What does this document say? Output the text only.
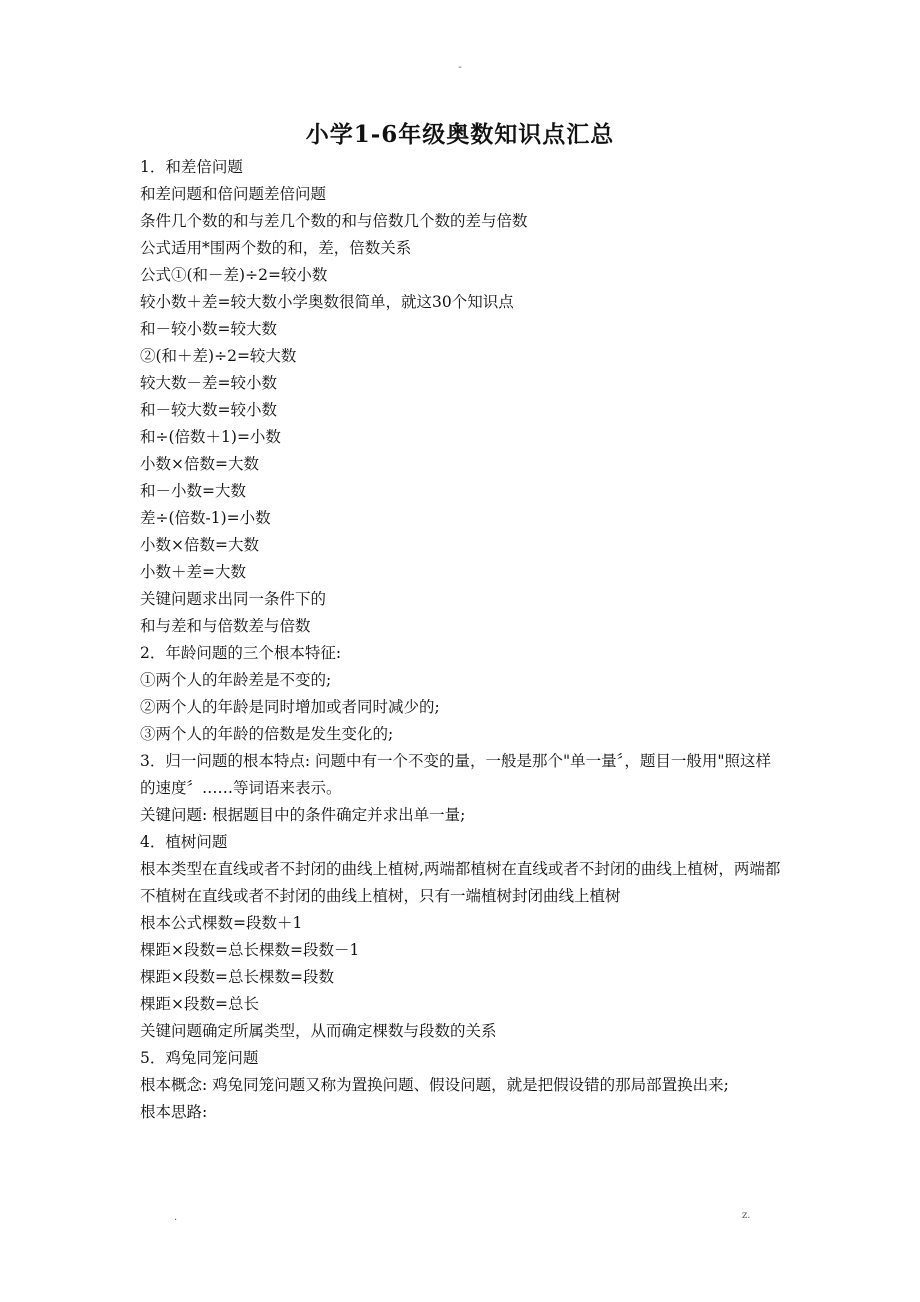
-
小学1-6年级奥数知识点汇总

1．和差倍问题

和差问题和倍问题差倍问题

条件几个数的和与差几个数的和与倍数几个数的差与倍数

公式适用*围两个数的和，差，倍数关系

公式①(和－差)÷2=较小数

较小数＋差=较大数小学奥数很简单，就这30个知识点

和－较小数=较大数

②(和＋差)÷2=较大数

较大数－差=较小数

和－较大数=较小数

和÷(倍数＋1)=小数

小数×倍数=大数

和－小数=大数

差÷(倍数-1)=小数

小数×倍数=大数

小数＋差=大数

关键问题求出同一条件下的

和与差和与倍数差与倍数

2．年龄问题的三个根本特征:

①两个人的年龄差是不变的;

②两个人的年龄是同时增加或者同时减少的;

③两个人的年龄的倍数是发生变化的;

3．归一问题的根本特点: 问题中有一个不变的量，一般是那个"单一量〞，题目一般用"照这样的速度〞……等词语来表示。

关键问题: 根据题目中的条件确定并求出单一量;

4．植树问题

根本类型在直线或者不封闭的曲线上植树,两端都植树在直线或者不封闭的曲线上植树，两端都不植树在直线或者不封闭的曲线上植树，只有一端植树封闭曲线上植树

根本公式棵数=段数＋1

棵距×段数=总长棵数=段数－1

棵距×段数=总长棵数=段数

棵距×段数=总长

关键问题确定所属类型，从而确定棵数与段数的关系

5．鸡兔同笼问题

根本概念: 鸡兔同笼问题又称为置换问题、假设问题，就是把假设错的那局部置换出来;

根本思路:

.	z.
